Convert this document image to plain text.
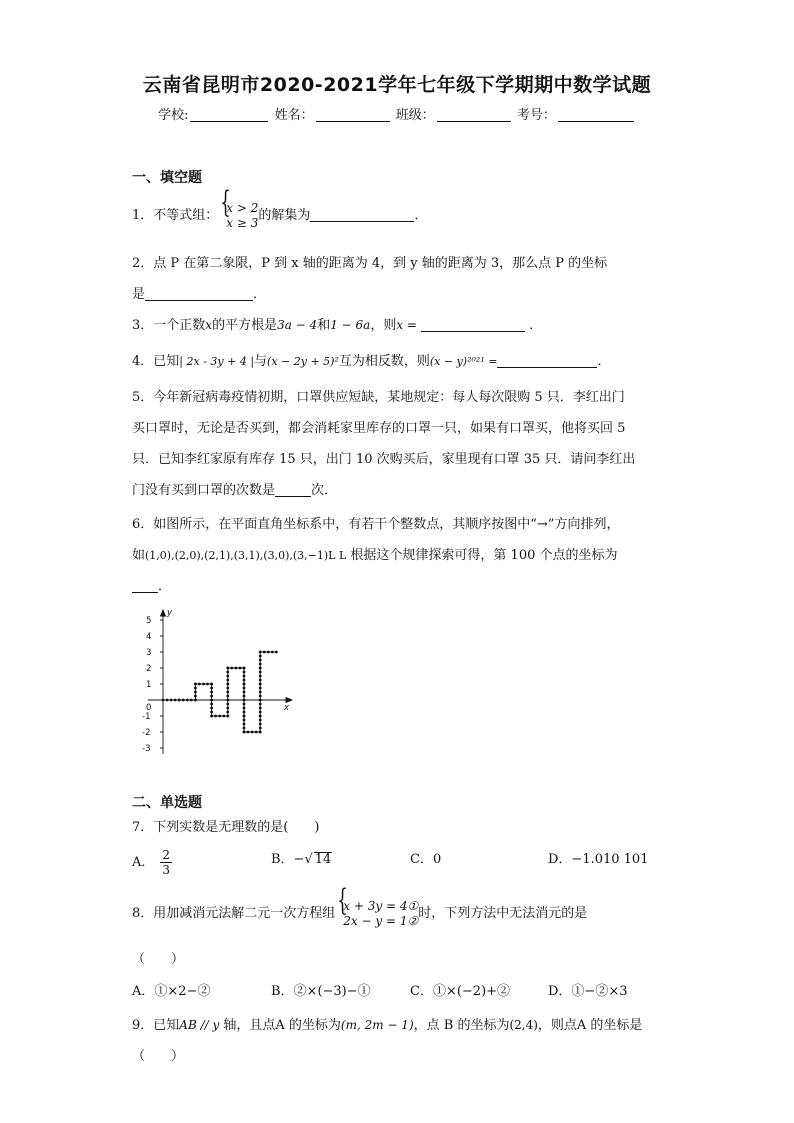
云南省昆明市2020-2021学年七年级下学期期中数学试题
学校:	姓名：	班级：	考号：
一、填空题
1．不等式组：
{ x > 2
x ≥ 3 的解集为	．
2．点 P 在第二象限，P 到 x 轴的距离为 4，到 y 轴的距离为 3，那么点 P 的坐标
是	．
3．一个正数x的平方根是3a − 4和1 − 6a，则x =	．
4．已知| 2x - 3y + 4 |与(x − 2y + 5)²互为相反数，则(x − y)²⁰²¹ =	．
5．今年新冠病毒疫情初期，口罩供应短缺，某地规定：每人每次限购 5 只．李红出门
买口罩时，无论是否买到，都会消耗家里库存的口罩一只，如果有口罩买，他将买回 5
只．已知李红家原有库存 15 只，出门 10 次购买后，家里现有口罩 35 只．请问李红出
门没有买到口罩的次数是	次．
6．如图所示，在平面直角坐标系中，有若干个整数点，其顺序按图中“→”方向排列，
如(1,0),(2,0),(2,1),(3,1),(3,0),(3,−1)L L 根据这个规律探索可得，第 100 个点的坐标为
．
5
4
3
2
1
0
-1
-2
-3
x
y
二、单选题
7．下列实数是无理数的是(　　)
A． $\frac{2}{3}$	B．−√ 14	C．0	D．−1.010 101
8．用加减消元法解二元一次方程组
{ x + 3y = 4①
2x − y = 1② 时，下列方法中无法消元的是
（　　）
A．①×2−②	B．②×(−3)−①	C．①×(−2)+②	D．①−②×3
9．已知AB // y 轴，且点A 的坐标为(m, 2m − 1)，点 B 的坐标为(2,4)，则点A 的坐标是
（　　）
